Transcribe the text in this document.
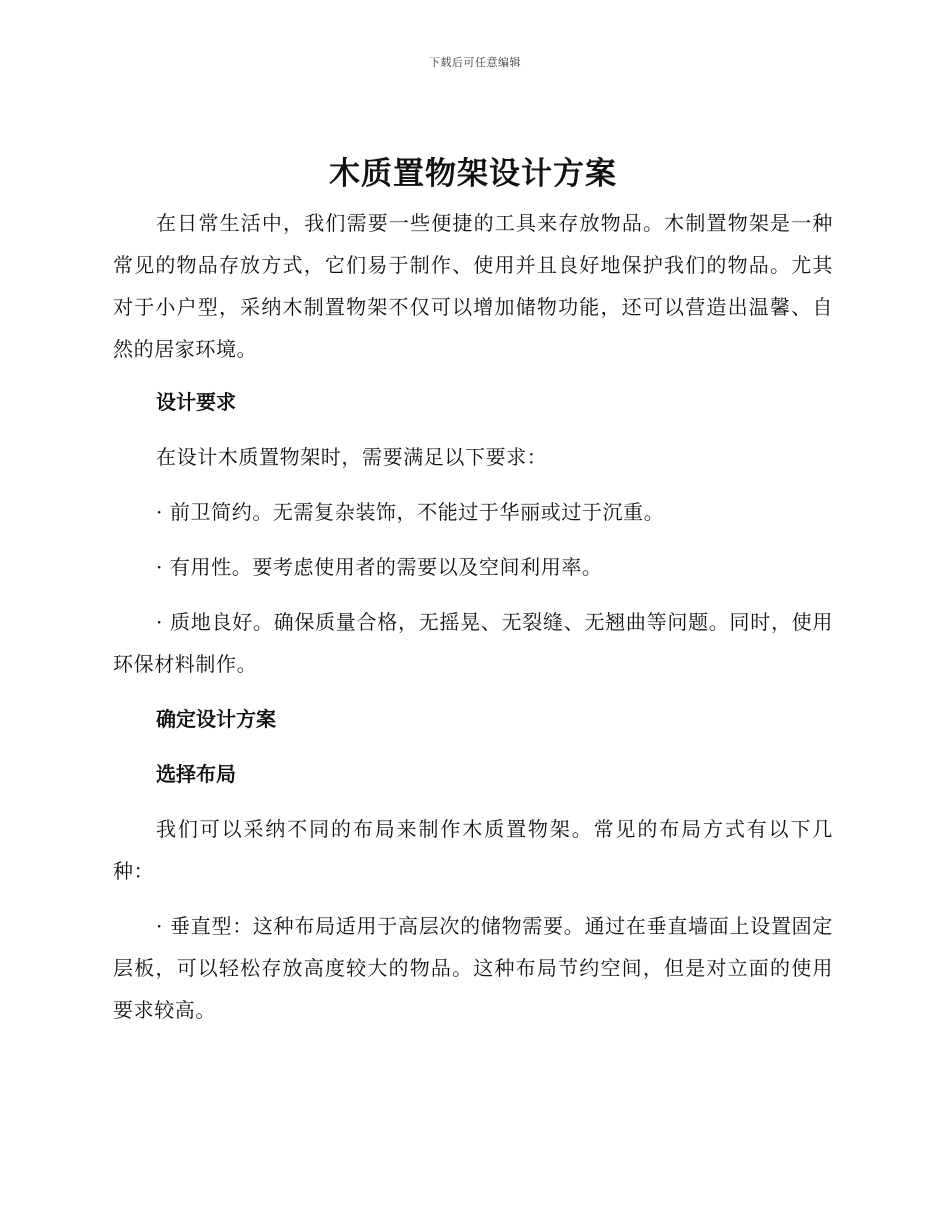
下载后可任意编辑
木质置物架设计方案

在日常生活中，我们需要一些便捷的工具来存放物品。木制置物架是一种常见的物品存放方式，它们易于制作、使用并且良好地保护我们的物品。尤其对于小户型，采纳木制置物架不仅可以增加储物功能，还可以营造出温馨、自然的居家环境。

设计要求

在设计木质置物架时，需要满足以下要求：

· 前卫简约。无需复杂装饰，不能过于华丽或过于沉重。

· 有用性。要考虑使用者的需要以及空间利用率。

· 质地良好。确保质量合格，无摇晃、无裂缝、无翘曲等问题。同时，使用环保材料制作。

确定设计方案
选择布局

我们可以采纳不同的布局来制作木质置物架。常见的布局方式有以下几种：

· 垂直型：这种布局适用于高层次的储物需要。通过在垂直墙面上设置固定层板，可以轻松存放高度较大的物品。这种布局节约空间，但是对立面的使用要求较高。
